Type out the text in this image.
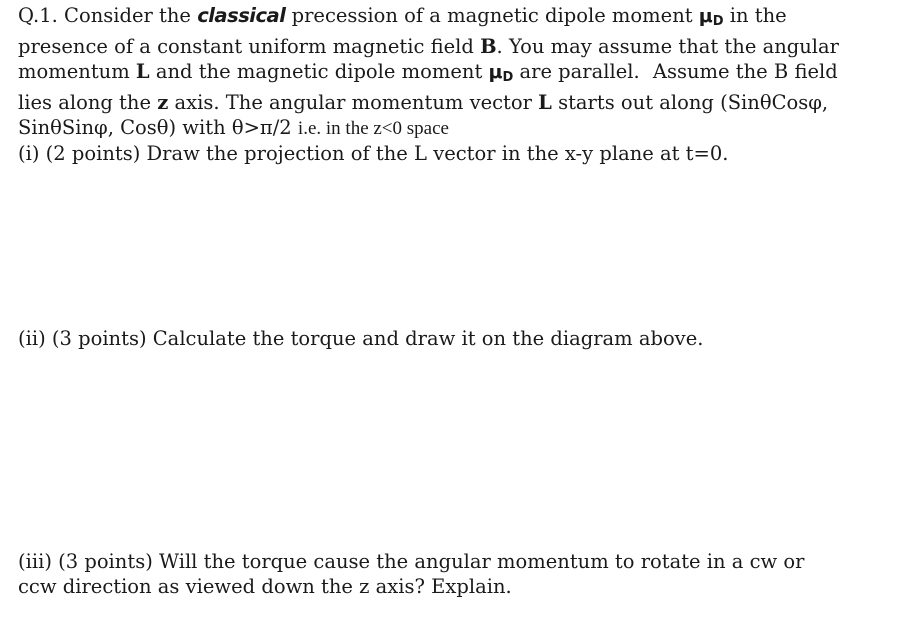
Q.1. Consider the classical precession of a magnetic dipole moment $\mu_D$ in the
presence of a constant uniform magnetic field B. You may assume that the angular
momentum L and the magnetic dipole moment $\mu_D$ are parallel. Assume the B field
lies along the z axis. The angular momentum vector L starts out along (SinθCosφ,
SinθSinφ, Cosθ) with θ>π/2 i.e. in the z<0 space
(i) (2 points) Draw the projection of the L vector in the x-y plane at t=0.
(ii) (3 points) Calculate the torque and draw it on the diagram above.
(iii) (3 points) Will the torque cause the angular momentum to rotate in a cw or
ccw direction as viewed down the z axis? Explain.
